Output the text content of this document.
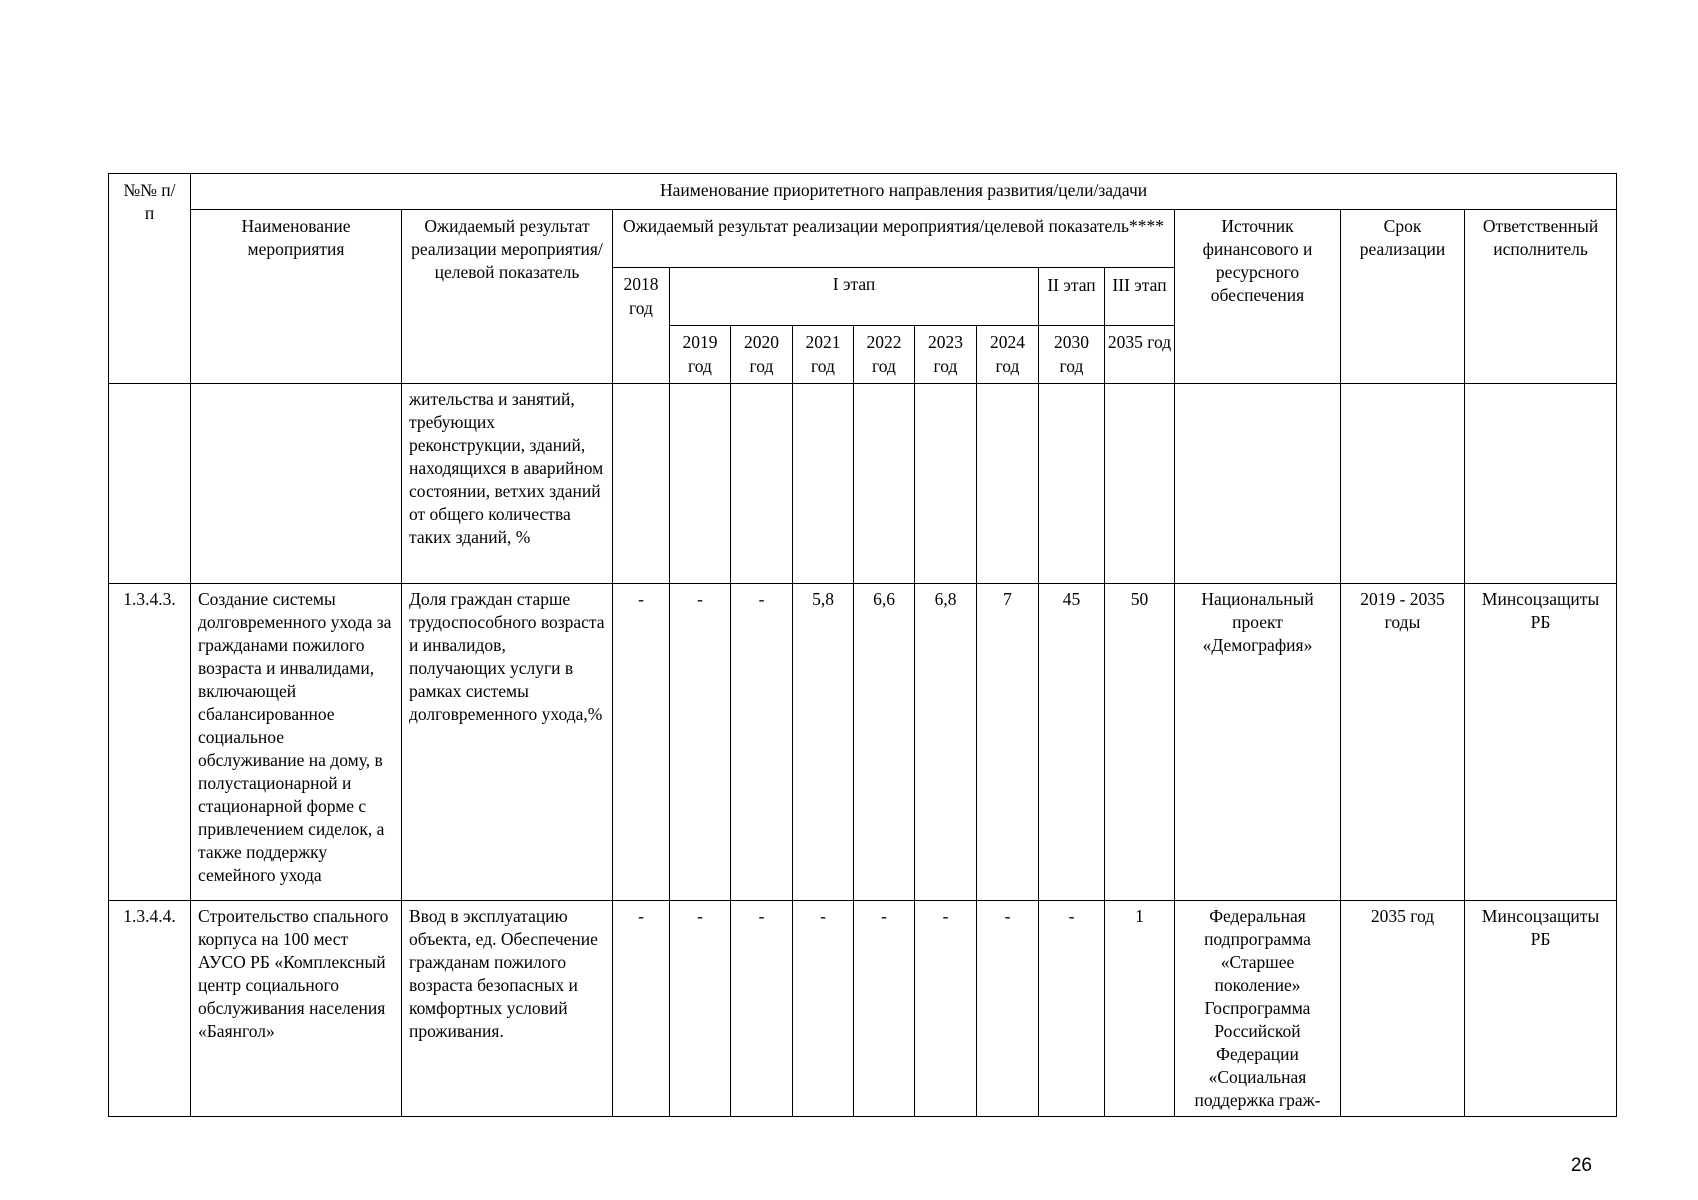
№№ п/п	Наименование приоритетного направления развития/цели/задачи													
	Наименование мероприятия	Ожидаемый результат реализации мероприятия/целевой показатель	Ожидаемый результат реализации мероприятия/целевой показатель****									Источник финансового и ресурсного обеспечения	Срок реализации	Ответственный исполнитель
			2018 год	I этап						II этап	III этап			
				2019 год	2020 год	2021 год	2022 год	2023 год	2024 год	2030 год	2035 год			
		жительства и занятий, требующих реконструкции, зданий, находящихся в аварийном состоянии, ветхих зданий от общего количества таких зданий, %												
1.3.4.3.	Создание системы долговременного ухода за гражданами пожилого возраста и инвалидами, включающей сбалансированное социальное обслуживание на дому, в полустационарной и стационарной форме с привлечением сиделок, а также поддержку семейного ухода	Доля граждан старше трудоспособного возраста и инвалидов, получающих услуги в рамках системы долговременного ухода,%	-	-	-	5,8	6,6	6,8	7	45	50	Национальный проект «Демография»	2019 - 2035 годы	Минсоцзащиты РБ
1.3.4.4.	Строительство спального корпуса на 100 мест АУСО РБ «Комплексный центр социального обслуживания населения «Баянгол»	Ввод в эксплуатацию объекта, ед. Обеспечение гражданам пожилого возраста безопасных и комфортных условий проживания.	-	-	-	-	-	-	-	-	1	Федеральная подпрограмма «Старшее поколение» Госпрограмма Российской Федерации «Социальная поддержка граж-	2035 год	Минсоцзащиты РБ
26
